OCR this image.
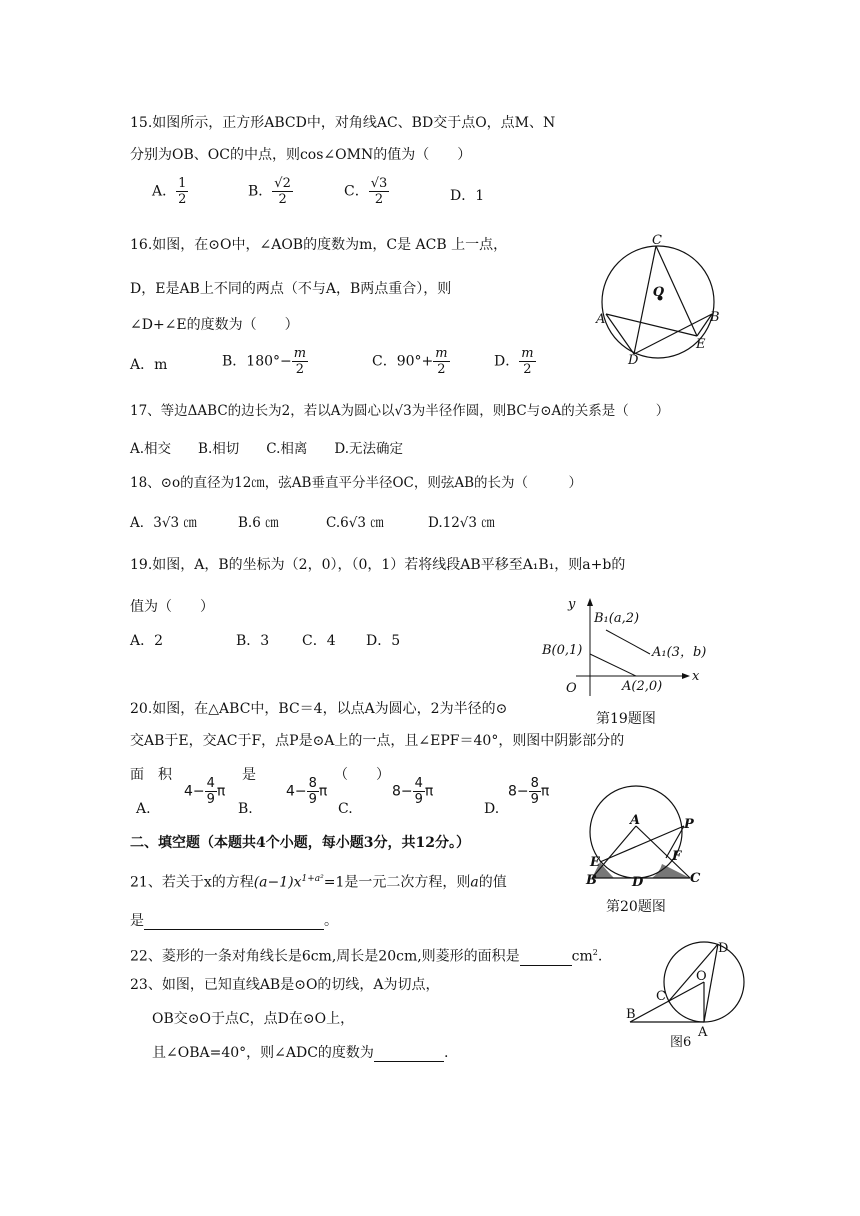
15.如图所示，正方形ABCD中，对角线AC、BD交于点O，点M、N
分别为OB、OC的中点，则cos∠OMN的值为（　　）
A． $\frac{1}{2}$	B． $\frac{√2}{2}$	C． $\frac{√3}{2}$	D．1
16.如图，在⊙O中，∠AOB的度数为m，C是 ACB 上一点，
D，E是AB上不同的两点（不与A，B两点重合），则
∠D+∠E的度数为（　　）
A．m	B．$180^\circ- \frac{m}{2}$	C．$90^\circ+ \frac{m}{2}$	D． $\frac{m}{2}$
C
O
A	B
D
E
17、等边ΔABC的边长为2，若以A为圆心以√3为半径作圆，则BC与⊙A的关系是（　　）
A.相交　　B.相切　　C.相离　　D.无法确定
18、⊙o的直径为12㎝，弦AB垂直平分半径OC，则弦AB的长为（　　　）
A．3√3 ㎝	B.6 ㎝	C.6√3 ㎝	D.12√3 ㎝
19.如图，A，B的坐标为（2，0），（0，1）若将线段AB平移至A₁B₁，则a+b的
值为（　　）
A．2	B．3 C．4 D．5
y
x
O
B₁(a,2)
A₁(3，b)
B(0,1)
A(2,0)
第19题图
20.如图，在△ABC中，BC＝4，以点A为圆心，2为半径的⊙
交AB于E，交AC于F，点P是⊙A上的一点，且∠EPF＝40°，则图中阴影部分的
面　积	是	（　　）
A.
$4- \frac{4}{9}$ π
B.
$4- \frac{8}{9}$ π
C.
$8- \frac{4}{9}$ π
D.
$8- \frac{8}{9}$ π
A	P
E	F
B	D	C
第20题图
二、填空题（本题共4个小题，每小题3分，共12分。）
21、若关于x的方程$(a-1)x^{1+a^2}=1$是一元二次方程，则a的值
是	。
22、菱形的一条对角线长是6cm,周长是20cm,则菱形的面积是	$cm^2$.
23、如图，已知直线AB是⊙O的切线，A为切点，
OB交⊙O于点C，点D在⊙O上，
且∠OBA=40°，则∠ADC的度数为	.
D
O
C
B
A
图6
